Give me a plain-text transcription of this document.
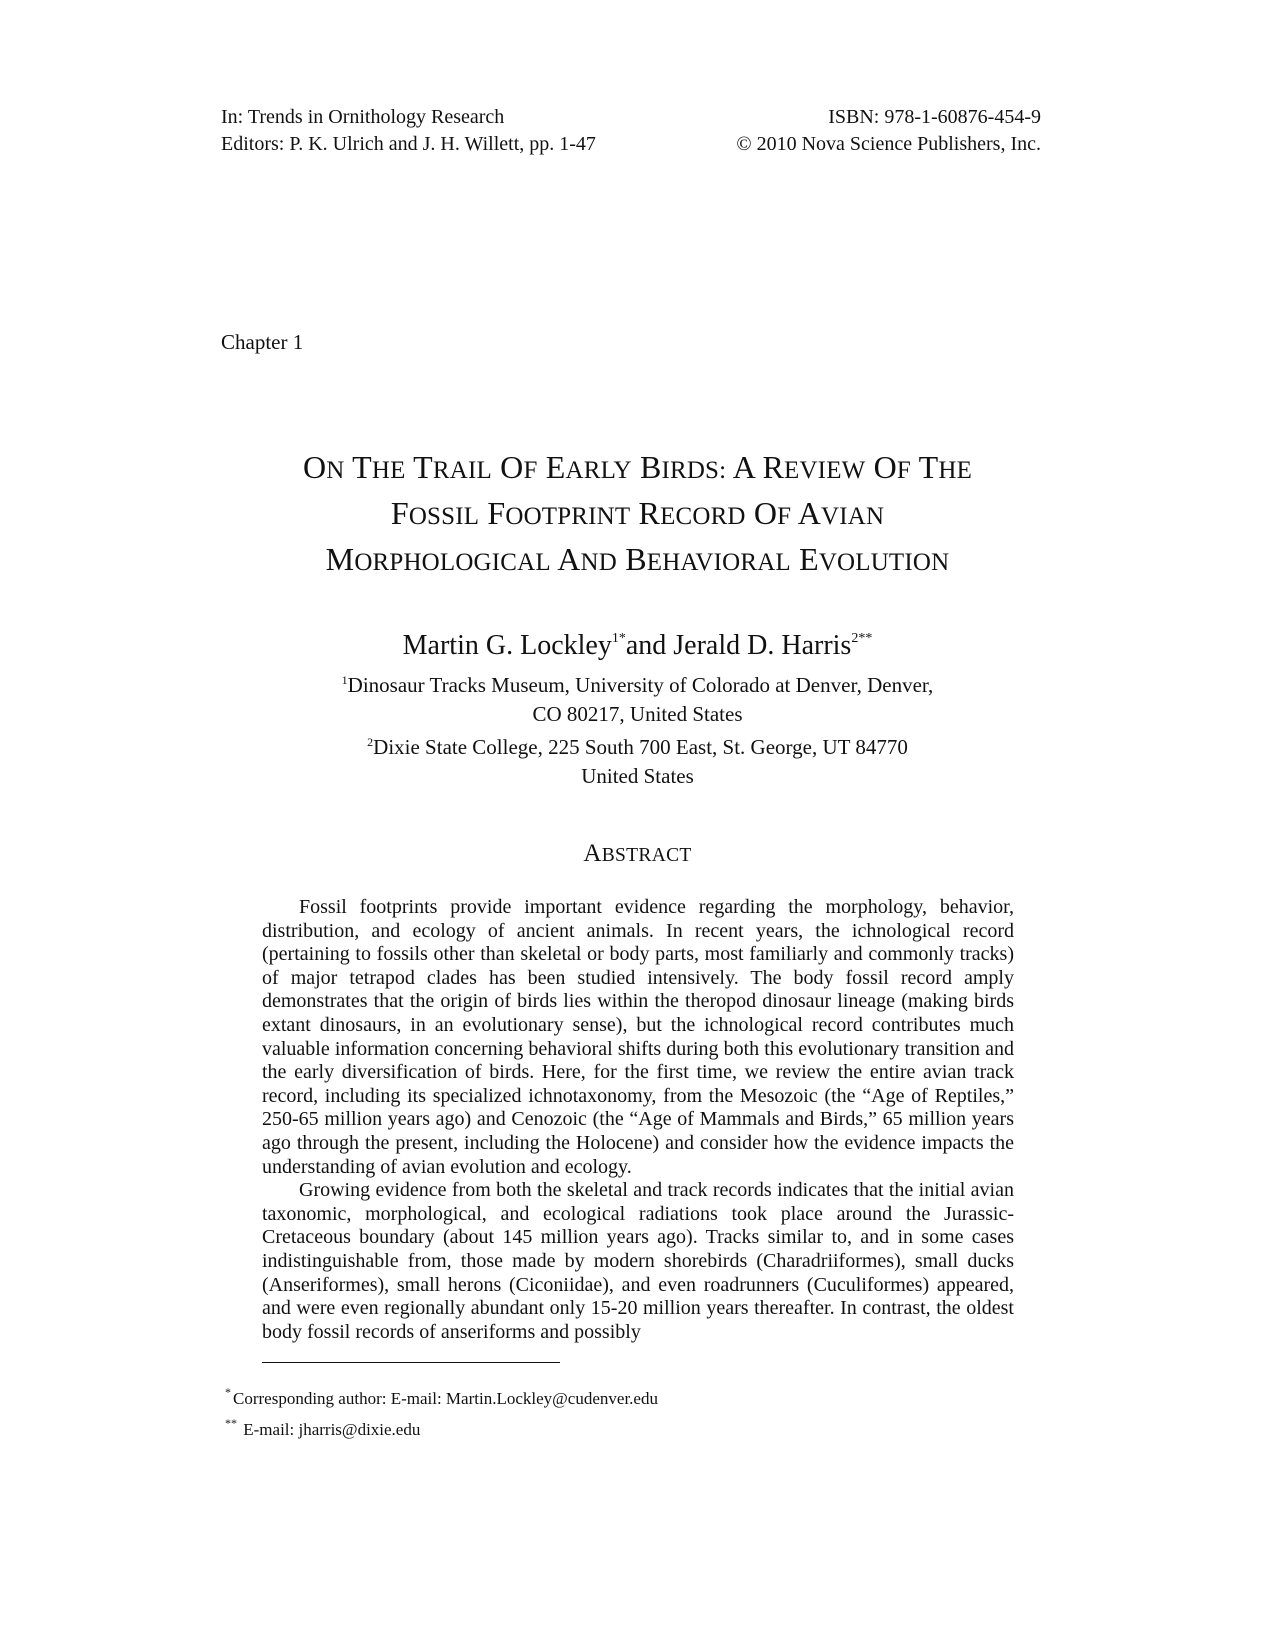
In: Trends in Ornithology Research	ISBN: 978-1-60876-454-9
Editors: P. K. Ulrich and J. H. Willett, pp. 1-47	© 2010 Nova Science Publishers, Inc.
Chapter 1
ON THE TRAIL OF EARLY BIRDS: A REVIEW OF THE
FOSSIL FOOTPRINT RECORD OF AVIAN
MORPHOLOGICAL AND BEHAVIORAL EVOLUTION
Martin G. Lockley$^{1*}$and Jerald D. Harris$^{2**}$
$^1$Dinosaur Tracks Museum, University of Colorado at Denver, Denver,
CO 80217, United States
$^2$Dixie State College, 225 South 700 East, St. George, UT 84770
United States
ABSTRACT

Fossil footprints provide important evidence regarding the morphology, behavior, distribution, and ecology of ancient animals. In recent years, the ichnological record (pertaining to fossils other than skeletal or body parts, most familiarly and commonly tracks) of major tetrapod clades has been studied intensively. The body fossil record amply demonstrates that the origin of birds lies within the theropod dinosaur lineage (making birds extant dinosaurs, in an evolutionary sense), but the ichnological record contributes much valuable information concerning behavioral shifts during both this evolutionary transition and the early diversification of birds. Here, for the first time, we review the entire avian track record, including its specialized ichnotaxonomy, from the Mesozoic (the “Age of Reptiles,” 250-65 million years ago) and Cenozoic (the “Age of Mammals and Birds,” 65 million years ago through the present, including the Holocene) and consider how the evidence impacts the understanding of avian evolution and ecology.

Growing evidence from both the skeletal and track records indicates that the initial avian taxonomic, morphological, and ecological radiations took place around the Jurassic-Cretaceous boundary (about 145 million years ago). Tracks similar to, and in some cases indistinguishable from, those made by modern shorebirds (Charadriiformes), small ducks (Anseriformes), small herons (Ciconiidae), and even roadrunners (Cuculiformes) appeared, and were even regionally abundant only 15-20 million years thereafter. In contrast, the oldest body fossil records of anseriforms and possibly

* Corresponding author: E-mail: Martin.Lockley@cudenver.edu
** E-mail: jharris@dixie.edu
